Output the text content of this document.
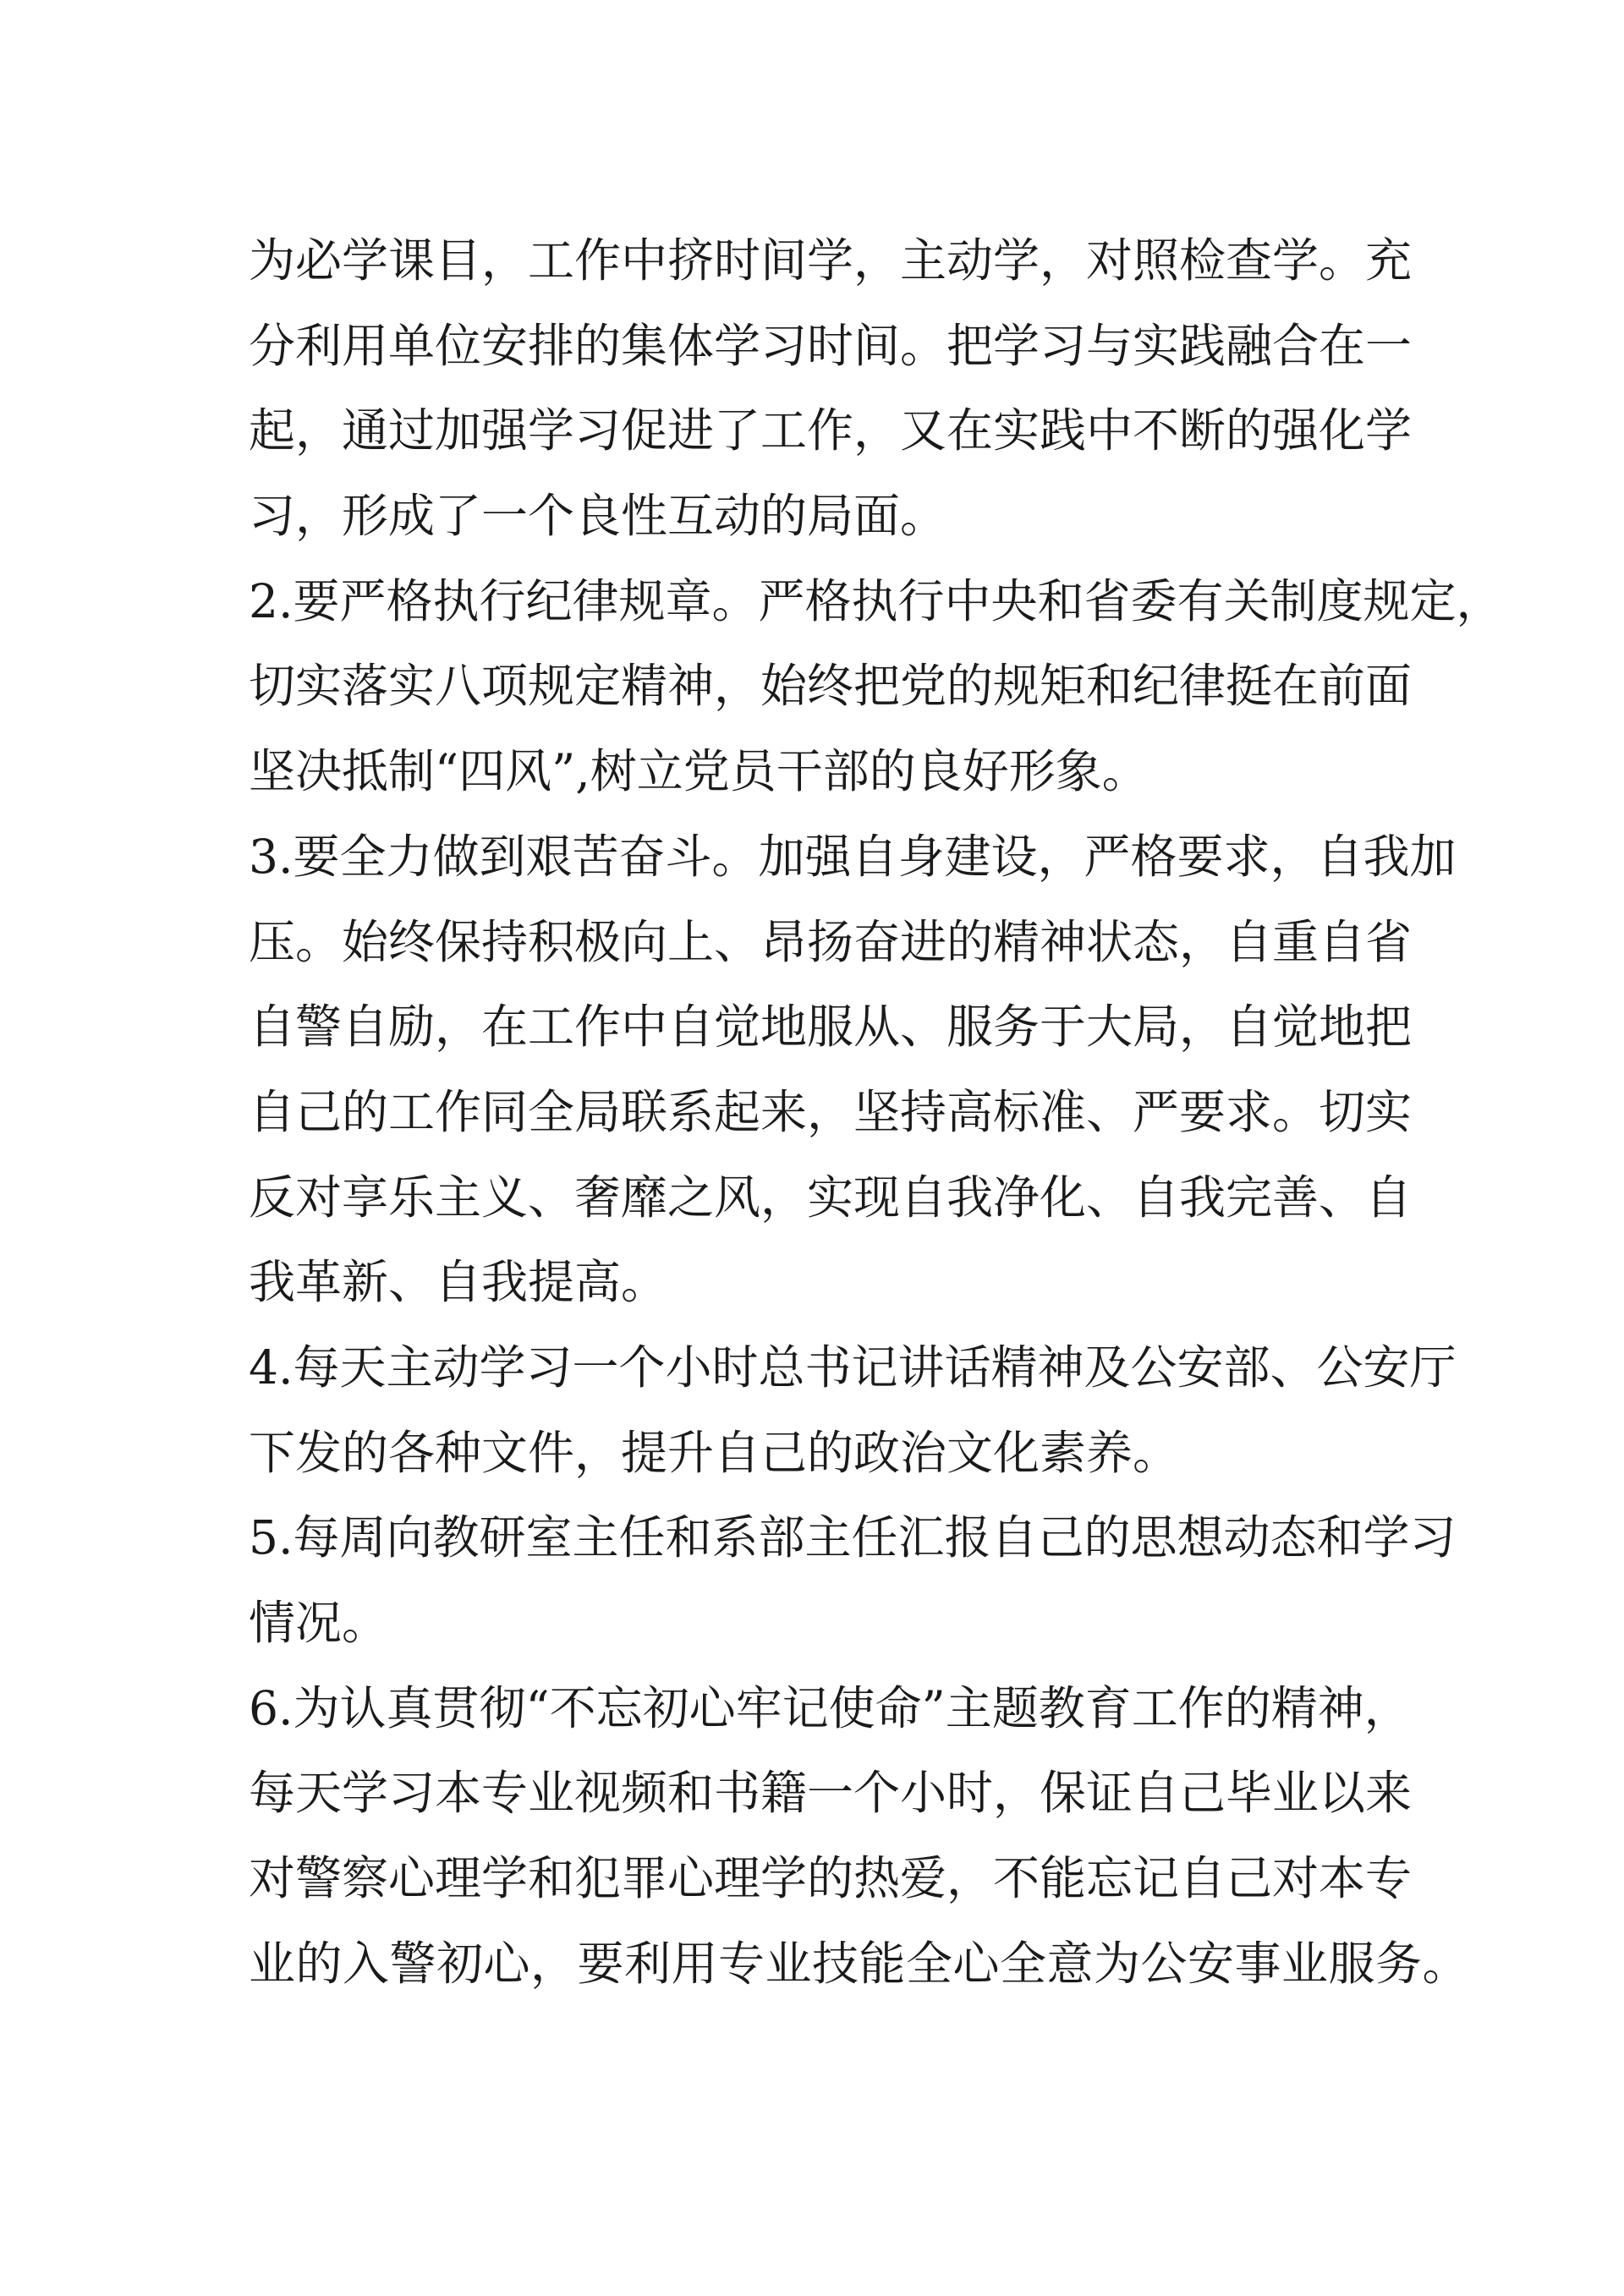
为必学课目，工作中挤时间学，主动学，对照检查学。充
分利用单位安排的集体学习时间。把学习与实践融合在一
起，通过加强学习促进了工作，又在实践中不断的强化学
习，形成了一个良性互动的局面。
2.要严格执行纪律规章。严格执行中央和省委有关制度规定，
切实落实八项规定精神，始终把党的规矩和纪律挺在前面
坚决抵制“四风”,树立党员干部的良好形象。
3.要全力做到艰苦奋斗。加强自身建设，严格要求，自我加
压。始终保持积极向上、昂扬奋进的精神状态，自重自省
自警自励，在工作中自觉地服从、服务于大局，自觉地把
自己的工作同全局联系起来，坚持高标准、严要求。切实
反对享乐主义、奢靡之风，实现自我净化、自我完善、自
我革新、自我提高。
4.每天主动学习一个小时总书记讲话精神及公安部、公安厅
下发的各种文件，提升自己的政治文化素养。
5.每周向教研室主任和系部主任汇报自己的思想动态和学习
情况。
6.为认真贯彻“不忘初心牢记使命”主题教育工作的精神，
每天学习本专业视频和书籍一个小时，保证自己毕业以来
对警察心理学和犯罪心理学的热爱，不能忘记自己对本专
业的入警初心，要利用专业技能全心全意为公安事业服务。
